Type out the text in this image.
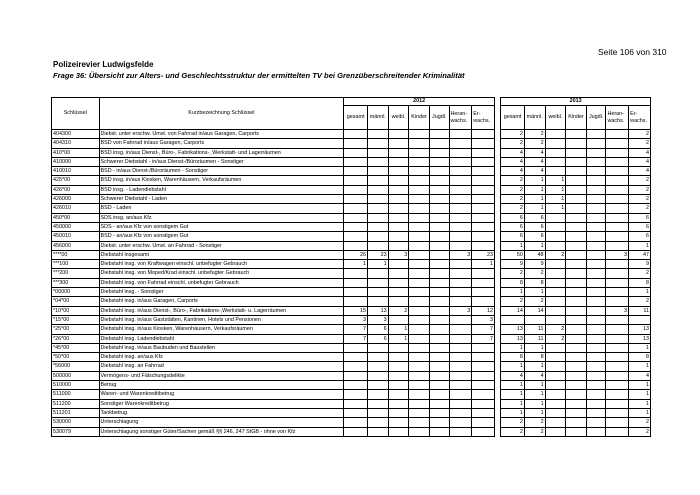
Seite 106 von 310
Polizeirevier Ludwigsfelde
Frage 36: Übersicht zur Alters- und Geschlechtsstruktur der ermittelten TV bei Grenzüberschreitender Kriminalität
Schlüssel	Kurzbezeichnung Schlüssel	2012								2013						
		gesamt	männl.	weibl.	Kinder	Jugdl.	Heran-wachs.	Er-wachs.		gesamt	männl.	weibl.	Kinder	Jugdl.	Heran-wachs.	Er-wachs.
404300	Diebst. unter erschw. Umst. von Fahrrad in/aus Garagen, Carports									2	2					2
404310	BSD von Fahrrad in/aus Garagen, Carports									2	2					2
410*00	BSD insg. in/aus Dienst-, Büro-, Fabrikations-, Werkstatt- und Lagerräumen									4	4					4
410000	Schwerer Diebstahl - in/aus Dienst-/Büroräumen - Sonstiger									4	4					4
410010	BSD - in/aus Dienst-/Büroräumen - Sonstiger									4	4					4
425*00	BSD insg. in/aus Kiosken, Warenhäusern, Verkaufsräumen									2	1	1				2
426*00	BSD insg. - Ladendiebstahl									2	1	1				2
426000	Schwerer Diebstahl - Laden									2	1	1				2
426010	BSD - Laden									2	1	1				2
450*00	SDS insg. an/aus Kfz									6	6					6
450000	SDS - an/aus Kfz von sonstigem Gut									6	6					6
450010	BSD - an/aus Kfz von sonstigem Gut									6	6					6
456000	Diebst. unter erschw. Umst. an Fahrrad - Sonstiger									1	1					1
****00	Diebstahl insgesamt	26	23	3			3	23		50	48	2			3	47
***100	Diebstahl insg. von Kraftwagen einschl. unbefugter Gebrauch	1	1					1		9	9					9
***200	Diebstahl insg. von Moped/Krad einschl. unbefugter Gebrauch									2	2					2
***300	Diebstahl insg. von Fahrrad einschl. unbefugter Gebrauch									8	8					8
*00000	Diebstahl insg. - Sonstiger									1	1					1
*04*00	Diebstahl insg. in/aus Garagen, Carports									2	2					2
*10*00	Diebstahl insg. in/aus Dienst-, Büro-, Fabrikations-,Werkstatt- u. Lagerräumen	15	13	2			3	12		14	14				3	11
*15*00	Diebstahl insg. in/aus Gaststätten, Kantinen, Hotels und Pensionen	3	3					3								
*25*00	Diebstahl insg. in/aus Kiosken, Warenhäusern, Verkaufsräumen	7	6	1				7		13	11	2				13
*26*00	Diebstahl insg. Ladendiebstahl	7	6	1				7		13	11	2				13
*45*00	Diebstahl insg. in/aus Baubuden und Baustellen									1	1					1
*50*00	Diebstahl insg. an/aus Kfz									8	8					8
*56000	Diebstahl insg. an Fahrrad									1	1					1
500000	Vermögens- und Fälschungsdelikte									4	4					4
510000	Betrug									1	1					1
511000	Waren- und Warenkreditbetrug									1	1					1
511200	Sonstiger Warenkreditbetrug									1	1					1
511201	Tankbetrug									1	1					1
530000	Unterschlagung									2	2					2
530079	Unterschlagung sonstiger Güter/Sachen gemäß §§ 246, 247 StGB - ohne von Kfz									2	2					2
